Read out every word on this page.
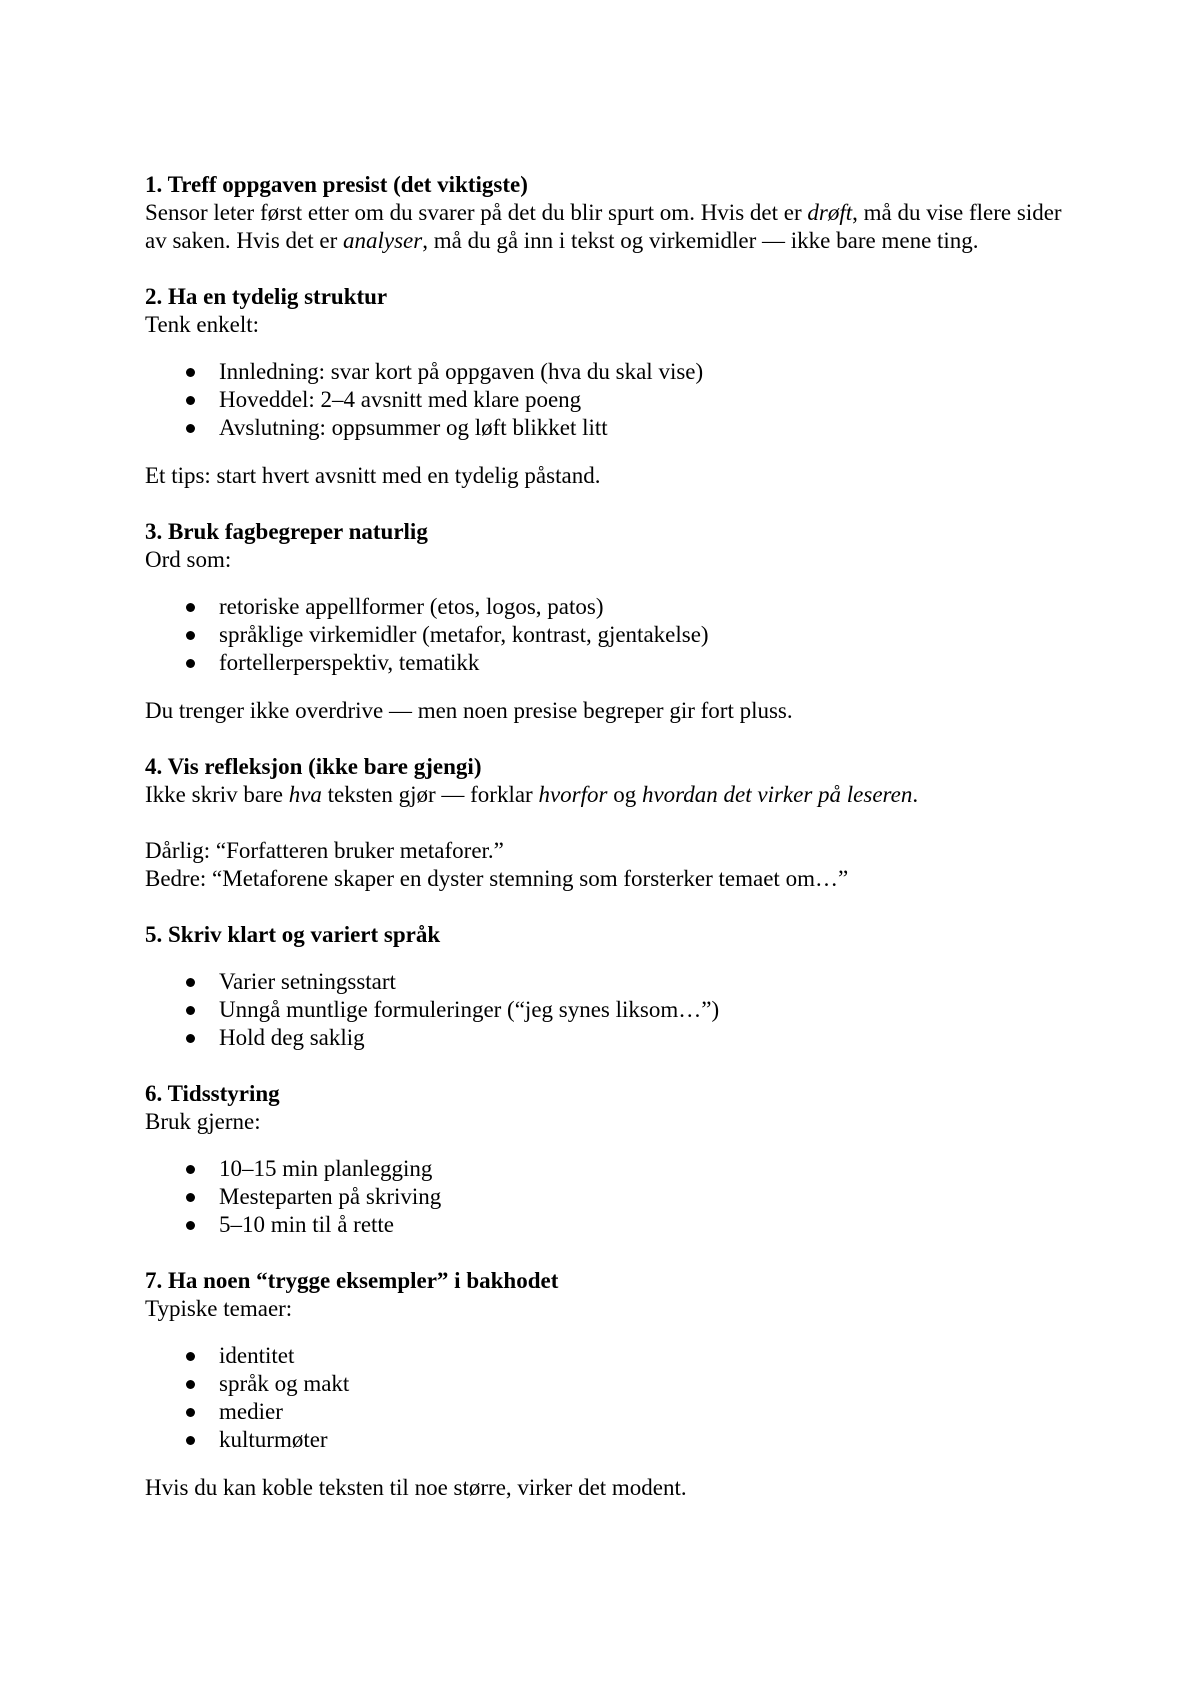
1. Treff oppgaven presist (det viktigste)

Sensor leter først etter om du svarer på det du blir spurt om. Hvis det er drøft, må du vise flere sider av saken. Hvis det er analyser, må du gå inn i tekst og virkemidler — ikke bare mene ting.

2. Ha en tydelig struktur

Tenk enkelt:

Innledning: svar kort på oppgaven (hva du skal vise)
Hoveddel: 2–4 avsnitt med klare poeng
Avslutning: oppsummer og løft blikket litt

Et tips: start hvert avsnitt med en tydelig påstand.

3. Bruk fagbegreper naturlig

Ord som:

retoriske appellformer (etos, logos, patos)
språklige virkemidler (metafor, kontrast, gjentakelse)
fortellerperspektiv, tematikk

Du trenger ikke overdrive — men noen presise begreper gir fort pluss.

4. Vis refleksjon (ikke bare gjengi)

Ikke skriv bare hva teksten gjør — forklar hvorfor og hvordan det virker på leseren.

Dårlig: “Forfatteren bruker metaforer.”

Bedre: “Metaforene skaper en dyster stemning som forsterker temaet om…”

5. Skriv klart og variert språk

Varier setningsstart
Unngå muntlige formuleringer (“jeg synes liksom…”)
Hold deg saklig

6. Tidsstyring

Bruk gjerne:

10–15 min planlegging
Mesteparten på skriving
5–10 min til å rette

7. Ha noen “trygge eksempler” i bakhodet

Typiske temaer:

identitet
språk og makt
medier
kulturmøter

Hvis du kan koble teksten til noe større, virker det modent.
